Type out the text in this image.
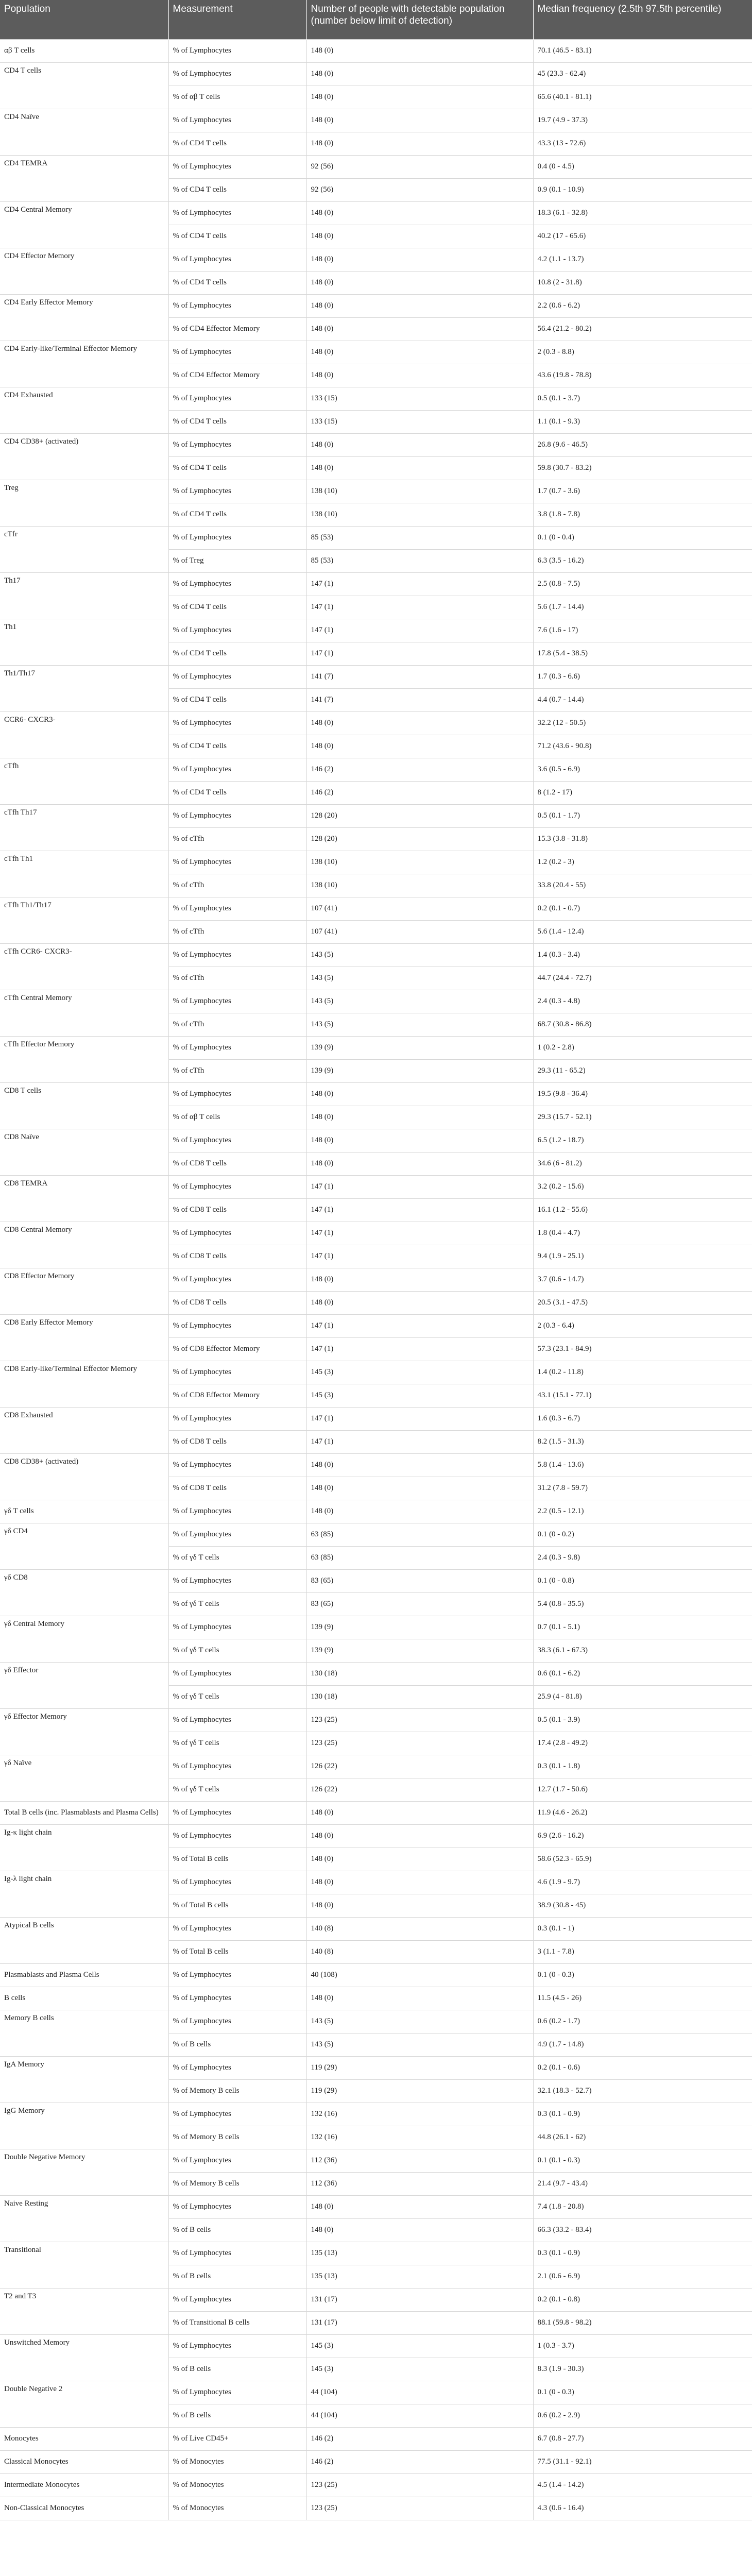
Population	Measurement	Number of people with detectable population (number below limit of detection)	Median frequency (2.5th 97.5th percentile)
αβ T cells	% of Lymphocytes	148 (0)	70.1 (46.5 - 83.1)
CD4 T cells	% of Lymphocytes	148 (0)	45 (23.3 - 62.4)
	% of αβ T cells	148 (0)	65.6 (40.1 - 81.1)
CD4 Naïve	% of Lymphocytes	148 (0)	19.7 (4.9 - 37.3)
	% of CD4 T cells	148 (0)	43.3 (13 - 72.6)
CD4 TEMRA	% of Lymphocytes	92 (56)	0.4 (0 - 4.5)
	% of CD4 T cells	92 (56)	0.9 (0.1 - 10.9)
CD4 Central Memory	% of Lymphocytes	148 (0)	18.3 (6.1 - 32.8)
	% of CD4 T cells	148 (0)	40.2 (17 - 65.6)
CD4 Effector Memory	% of Lymphocytes	148 (0)	4.2 (1.1 - 13.7)
	% of CD4 T cells	148 (0)	10.8 (2 - 31.8)
CD4 Early Effector Memory	% of Lymphocytes	148 (0)	2.2 (0.6 - 6.2)
	% of CD4 Effector Memory	148 (0)	56.4 (21.2 - 80.2)
CD4 Early-like/Terminal Effector Memory	% of Lymphocytes	148 (0)	2 (0.3 - 8.8)
	% of CD4 Effector Memory	148 (0)	43.6 (19.8 - 78.8)
CD4 Exhausted	% of Lymphocytes	133 (15)	0.5 (0.1 - 3.7)
	% of CD4 T cells	133 (15)	1.1 (0.1 - 9.3)
CD4 CD38+ (activated)	% of Lymphocytes	148 (0)	26.8 (9.6 - 46.5)
	% of CD4 T cells	148 (0)	59.8 (30.7 - 83.2)
Treg	% of Lymphocytes	138 (10)	1.7 (0.7 - 3.6)
	% of CD4 T cells	138 (10)	3.8 (1.8 - 7.8)
cTfr	% of Lymphocytes	85 (53)	0.1 (0 - 0.4)
	% of Treg	85 (53)	6.3 (3.5 - 16.2)
Th17	% of Lymphocytes	147 (1)	2.5 (0.8 - 7.5)
	% of CD4 T cells	147 (1)	5.6 (1.7 - 14.4)
Th1	% of Lymphocytes	147 (1)	7.6 (1.6 - 17)
	% of CD4 T cells	147 (1)	17.8 (5.4 - 38.5)
Th1/Th17	% of Lymphocytes	141 (7)	1.7 (0.3 - 6.6)
	% of CD4 T cells	141 (7)	4.4 (0.7 - 14.4)
CCR6- CXCR3-	% of Lymphocytes	148 (0)	32.2 (12 - 50.5)
	% of CD4 T cells	148 (0)	71.2 (43.6 - 90.8)
cTfh	% of Lymphocytes	146 (2)	3.6 (0.5 - 6.9)
	% of CD4 T cells	146 (2)	8 (1.2 - 17)
cTfh Th17	% of Lymphocytes	128 (20)	0.5 (0.1 - 1.7)
	% of cTfh	128 (20)	15.3 (3.8 - 31.8)
cTfh Th1	% of Lymphocytes	138 (10)	1.2 (0.2 - 3)
	% of cTfh	138 (10)	33.8 (20.4 - 55)
cTfh Th1/Th17	% of Lymphocytes	107 (41)	0.2 (0.1 - 0.7)
	% of cTfh	107 (41)	5.6 (1.4 - 12.4)
cTfh CCR6- CXCR3-	% of Lymphocytes	143 (5)	1.4 (0.3 - 3.4)
	% of cTfh	143 (5)	44.7 (24.4 - 72.7)
cTfh Central Memory	% of Lymphocytes	143 (5)	2.4 (0.3 - 4.8)
	% of cTfh	143 (5)	68.7 (30.8 - 86.8)
cTfh Effector Memory	% of Lymphocytes	139 (9)	1 (0.2 - 2.8)
	% of cTfh	139 (9)	29.3 (11 - 65.2)
CD8 T cells	% of Lymphocytes	148 (0)	19.5 (9.8 - 36.4)
	% of αβ T cells	148 (0)	29.3 (15.7 - 52.1)
CD8 Naïve	% of Lymphocytes	148 (0)	6.5 (1.2 - 18.7)
	% of CD8 T cells	148 (0)	34.6 (6 - 81.2)
CD8 TEMRA	% of Lymphocytes	147 (1)	3.2 (0.2 - 15.6)
	% of CD8 T cells	147 (1)	16.1 (1.2 - 55.6)
CD8 Central Memory	% of Lymphocytes	147 (1)	1.8 (0.4 - 4.7)
	% of CD8 T cells	147 (1)	9.4 (1.9 - 25.1)
CD8 Effector Memory	% of Lymphocytes	148 (0)	3.7 (0.6 - 14.7)
	% of CD8 T cells	148 (0)	20.5 (3.1 - 47.5)
CD8 Early Effector Memory	% of Lymphocytes	147 (1)	2 (0.3 - 6.4)
	% of CD8 Effector Memory	147 (1)	57.3 (23.1 - 84.9)
CD8 Early-like/Terminal Effector Memory	% of Lymphocytes	145 (3)	1.4 (0.2 - 11.8)
	% of CD8 Effector Memory	145 (3)	43.1 (15.1 - 77.1)
CD8 Exhausted	% of Lymphocytes	147 (1)	1.6 (0.3 - 6.7)
	% of CD8 T cells	147 (1)	8.2 (1.5 - 31.3)
CD8 CD38+ (activated)	% of Lymphocytes	148 (0)	5.8 (1.4 - 13.6)
	% of CD8 T cells	148 (0)	31.2 (7.8 - 59.7)
γδ T cells	% of Lymphocytes	148 (0)	2.2 (0.5 - 12.1)
γδ CD4	% of Lymphocytes	63 (85)	0.1 (0 - 0.2)
	% of γδ T cells	63 (85)	2.4 (0.3 - 9.8)
γδ CD8	% of Lymphocytes	83 (65)	0.1 (0 - 0.8)
	% of γδ T cells	83 (65)	5.4 (0.8 - 35.5)
γδ Central Memory	% of Lymphocytes	139 (9)	0.7 (0.1 - 5.1)
	% of γδ T cells	139 (9)	38.3 (6.1 - 67.3)
γδ Effector	% of Lymphocytes	130 (18)	0.6 (0.1 - 6.2)
	% of γδ T cells	130 (18)	25.9 (4 - 81.8)
γδ Effector Memory	% of Lymphocytes	123 (25)	0.5 (0.1 - 3.9)
	% of γδ T cells	123 (25)	17.4 (2.8 - 49.2)
γδ Naïve	% of Lymphocytes	126 (22)	0.3 (0.1 - 1.8)
	% of γδ T cells	126 (22)	12.7 (1.7 - 50.6)
Total B cells (inc. Plasmablasts and Plasma Cells)	% of Lymphocytes	148 (0)	11.9 (4.6 - 26.2)
Ig-κ light chain	% of Lymphocytes	148 (0)	6.9 (2.6 - 16.2)
	% of Total B cells	148 (0)	58.6 (52.3 - 65.9)
Ig-λ light chain	% of Lymphocytes	148 (0)	4.6 (1.9 - 9.7)
	% of Total B cells	148 (0)	38.9 (30.8 - 45)
Atypical B cells	% of Lymphocytes	140 (8)	0.3 (0.1 - 1)
	% of Total B cells	140 (8)	3 (1.1 - 7.8)
Plasmablasts and Plasma Cells	% of Lymphocytes	40 (108)	0.1 (0 - 0.3)
B cells	% of Lymphocytes	148 (0)	11.5 (4.5 - 26)
Memory B cells	% of Lymphocytes	143 (5)	0.6 (0.2 - 1.7)
	% of B cells	143 (5)	4.9 (1.7 - 14.8)
IgA Memory	% of Lymphocytes	119 (29)	0.2 (0.1 - 0.6)
	% of Memory B cells	119 (29)	32.1 (18.3 - 52.7)
IgG Memory	% of Lymphocytes	132 (16)	0.3 (0.1 - 0.9)
	% of Memory B cells	132 (16)	44.8 (26.1 - 62)
Double Negative Memory	% of Lymphocytes	112 (36)	0.1 (0.1 - 0.3)
	% of Memory B cells	112 (36)	21.4 (9.7 - 43.4)
Naive Resting	% of Lymphocytes	148 (0)	7.4 (1.8 - 20.8)
	% of B cells	148 (0)	66.3 (33.2 - 83.4)
Transitional	% of Lymphocytes	135 (13)	0.3 (0.1 - 0.9)
	% of B cells	135 (13)	2.1 (0.6 - 6.9)
T2 and T3	% of Lymphocytes	131 (17)	0.2 (0.1 - 0.8)
	% of Transitional B cells	131 (17)	88.1 (59.8 - 98.2)
Unswitched Memory	% of Lymphocytes	145 (3)	1 (0.3 - 3.7)
	% of B cells	145 (3)	8.3 (1.9 - 30.3)
Double Negative 2	% of Lymphocytes	44 (104)	0.1 (0 - 0.3)
	% of B cells	44 (104)	0.6 (0.2 - 2.9)
Monocytes	% of Live CD45+	146 (2)	6.7 (0.8 - 27.7)
Classical Monocytes	% of Monocytes	146 (2)	77.5 (31.1 - 92.1)
Intermediate Monocytes	% of Monocytes	123 (25)	4.5 (1.4 - 14.2)
Non-Classical Monocytes	% of Monocytes	123 (25)	4.3 (0.6 - 16.4)
